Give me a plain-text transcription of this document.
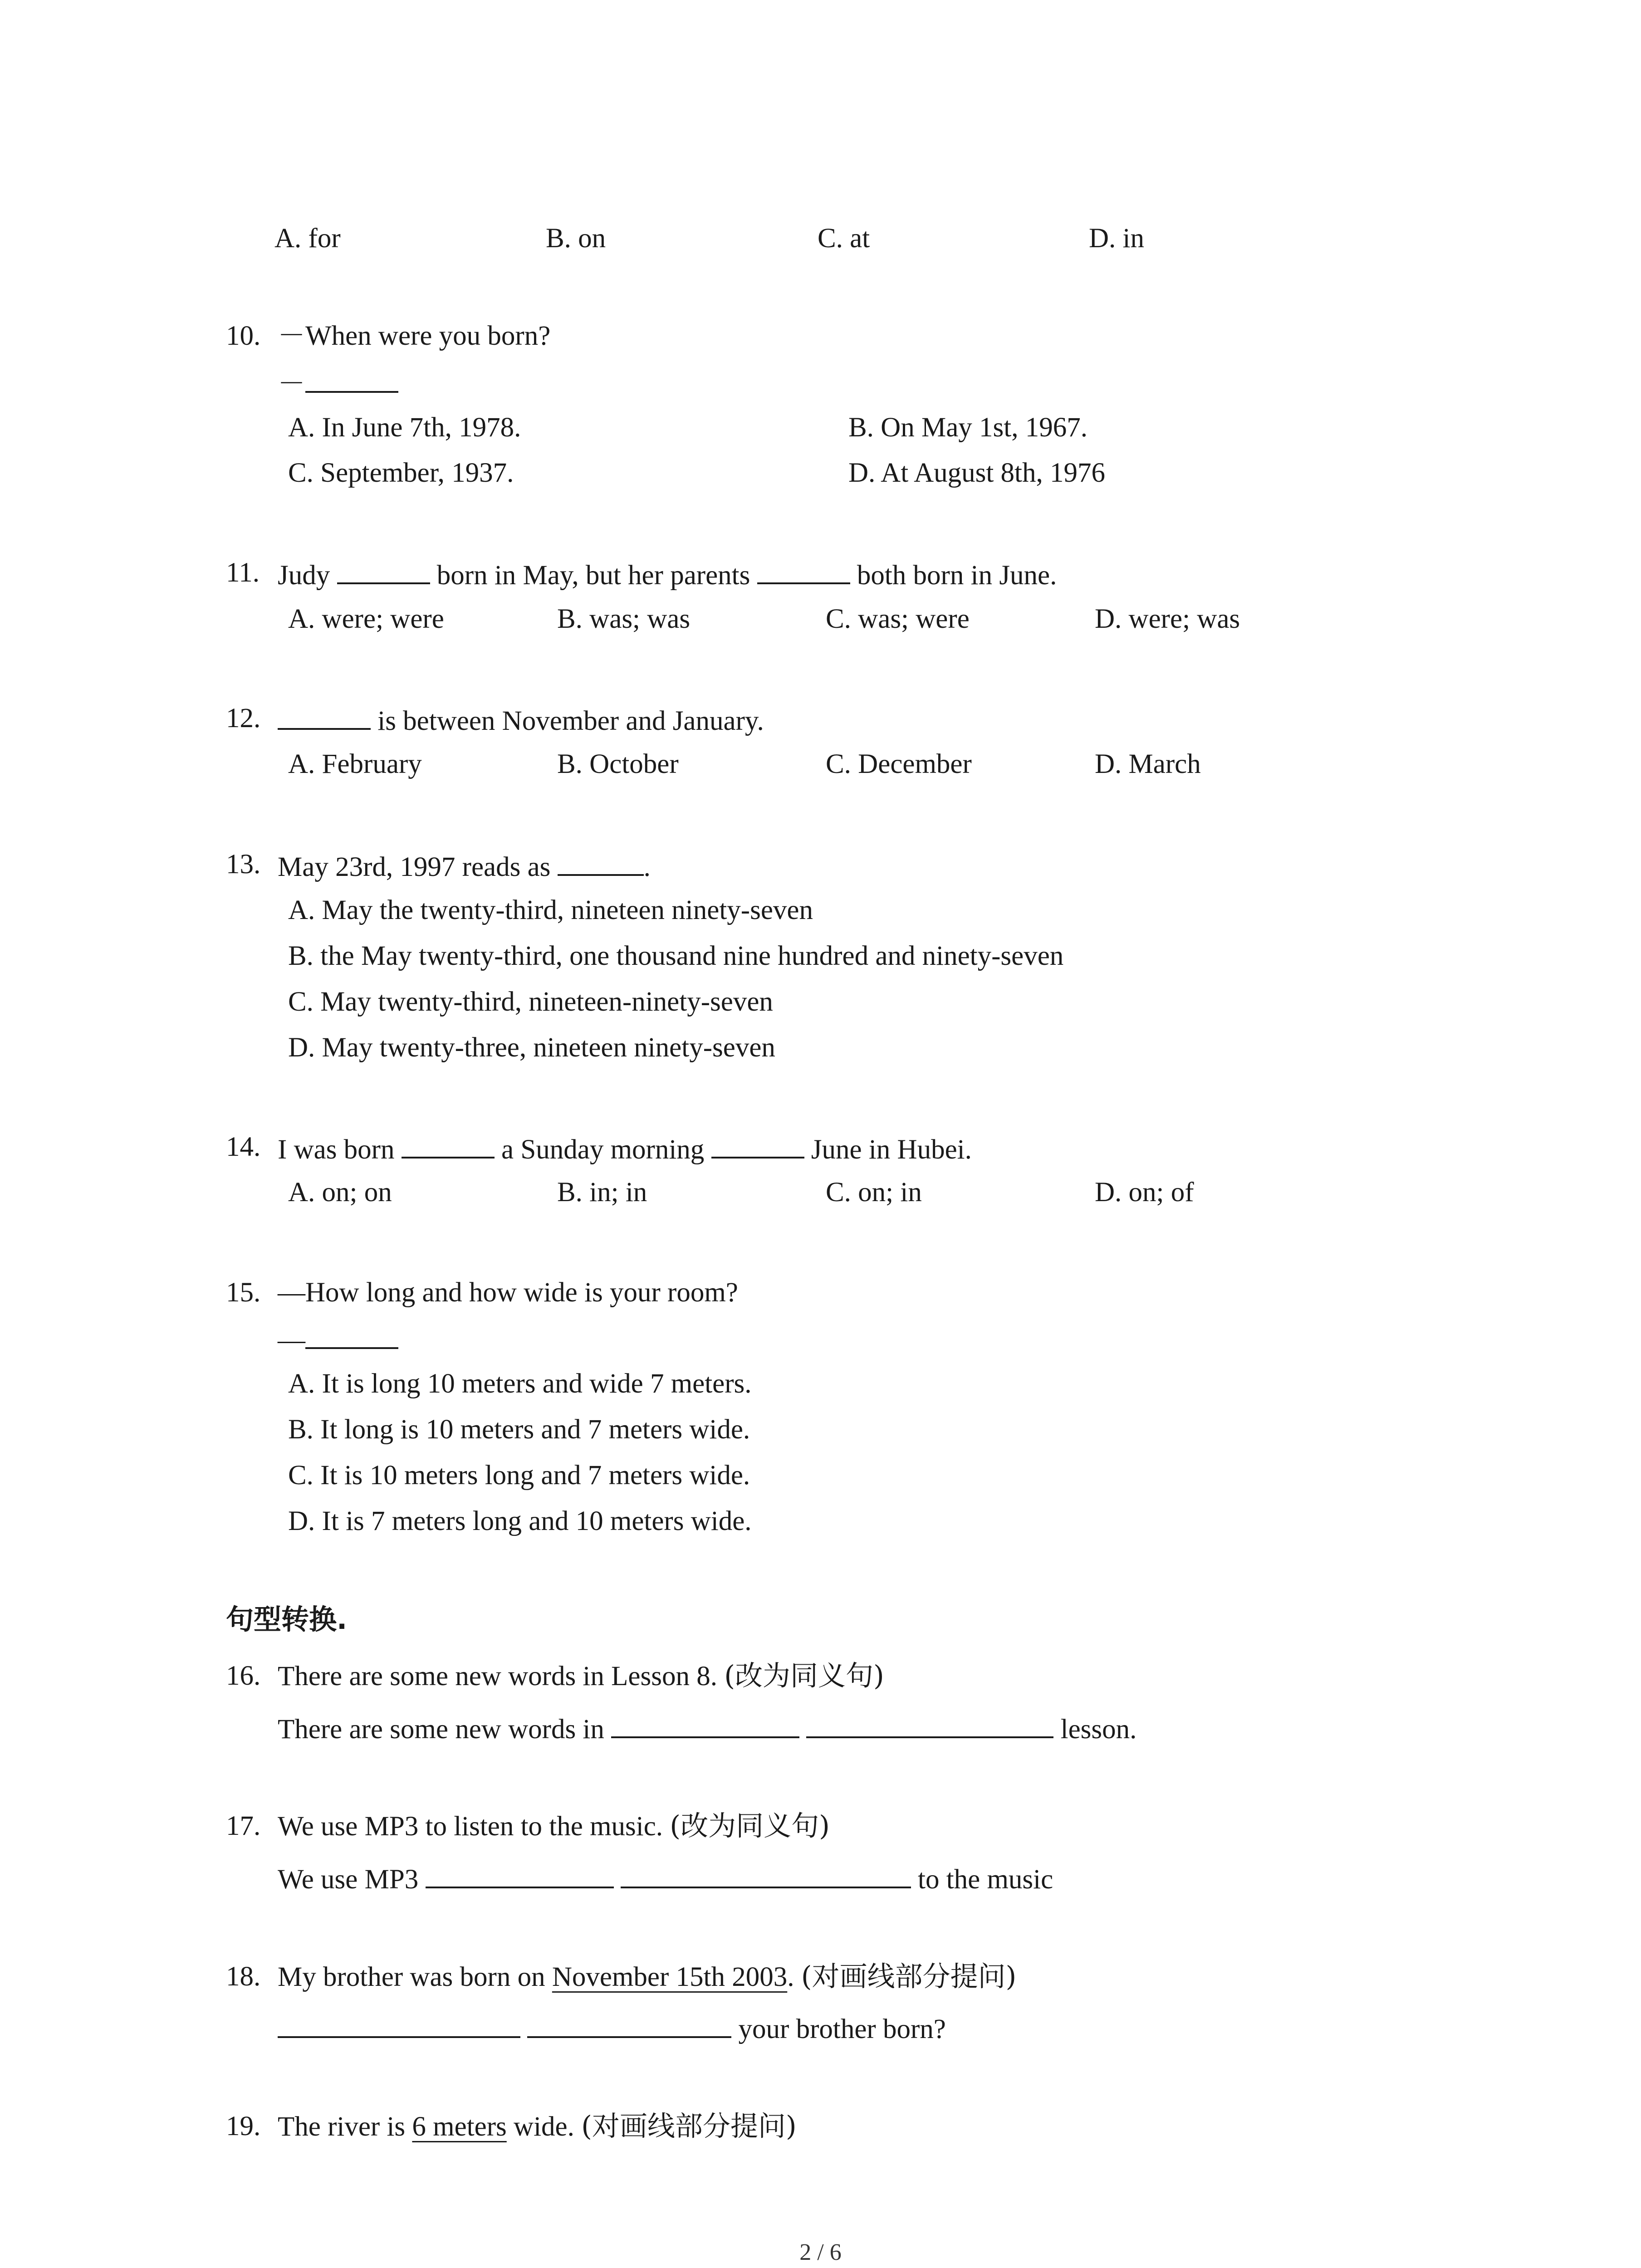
A. for	B. on	C. at	D. in
10. －When were you born?
－
A. In June 7th, 1978.	B. On May 1st, 1967.
C. September, 1937.	D. At August 8th, 1976
11. Judy	born in May, but her parents	both born in June.
A. were; were	B. was; was	C. was; were	D. were; was
12.	is between November and January.
A. February	B. October	C. December	D. March
13. May 23rd, 1997 reads as	.
A. May the twenty-third, nineteen ninety-seven
B. the May twenty-third, one thousand nine hundred and ninety-seven
C. May twenty-third, nineteen-ninety-seven
D. May twenty-three, nineteen ninety-seven
14. I was born	a Sunday morning	June in Hubei.
A. on; on	B. in; in	C. on; in	D. on; of
15. —How long and how wide is your room?
—
A. It is long 10 meters and wide 7 meters.
B. It long is 10 meters and 7 meters wide.
C. It is 10 meters long and 7 meters wide.
D. It is 7 meters long and 10 meters wide.
句型转换.
16. There are some new words in Lesson 8. (改为同义句)
There are some new words in	lesson.
17. We use MP3 to listen to the music. (改为同义句)
We use MP3	to the music
18. My brother was born on November 15th 2003. (对画线部分提问)
your brother born?
19. The river is 6 meters wide. (对画线部分提问)
2 / 6
